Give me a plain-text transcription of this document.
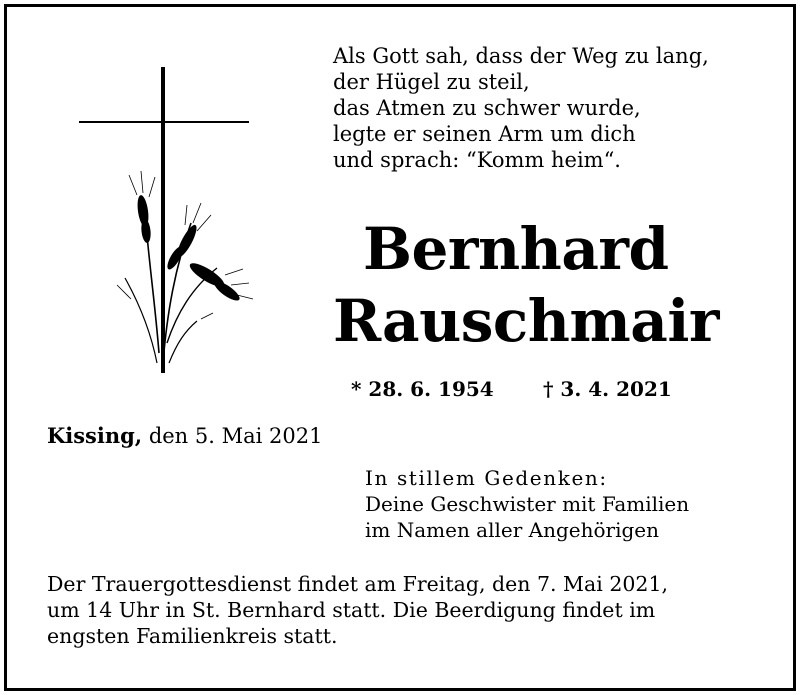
Als Gott sah, dass der Weg zu lang,
der Hügel zu steil,
das Atmen zu schwer wurde,
legte er seinen Arm um dich
und sprach: “Komm heim“.
Bernhard
Rauschmair
* 28. 6. 1954 † 3. 4. 2021
Kissing, den 5. Mai 2021
In stillem Gedenken:
Deine Geschwister mit Familien
im Namen aller Angehörigen
Der Trauergottesdienst findet am Freitag, den 7. Mai 2021,
um 14 Uhr in St. Bernhard statt. Die Beerdigung findet im
engsten Familienkreis statt.
